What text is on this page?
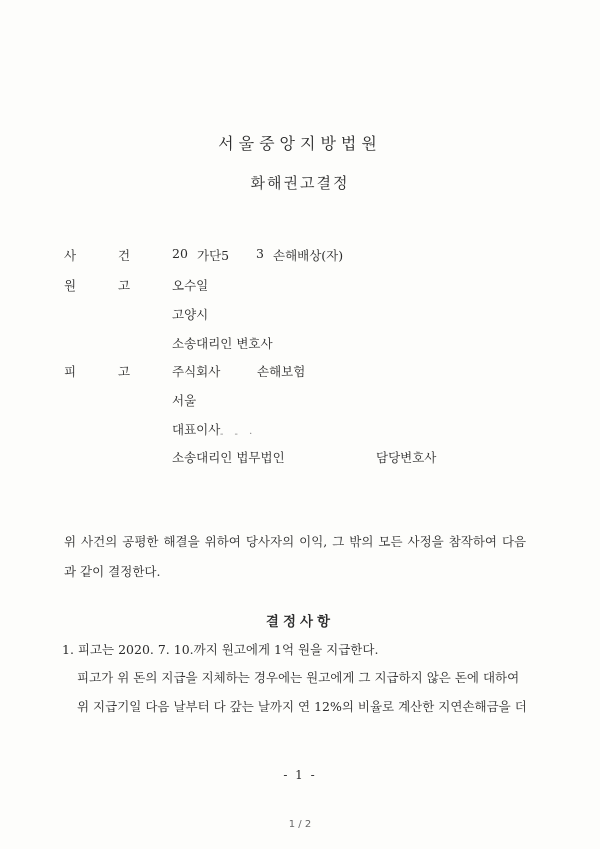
서울중앙지방법원
화해권고결정
사	건	20 가단5 3 손해배상(자)
원	고	오수일
고양시
소송대리인 변호사
피	고	주식회사	손해보험
서울
대표이사 ‐ ‐ ·
소송대리인 법무법인	담당변호사
위 사건의 공평한 해결을 위하여 당사자의 이익, 그 밖의 모든 사정을 참작하여 다음
과 같이 결정한다.
결정사항
1. 피고는 2020. 7. 10.까지 원고에게 1억 원을 지급한다.
피고가 위 돈의 지급을 지체하는 경우에는 원고에게 그 지급하지 않은 돈에 대하여
위 지급기일 다음 날부터 다 갚는 날까지 연 12%의 비율로 계산한 지연손해금을 더
- 1 -
1 / 2
